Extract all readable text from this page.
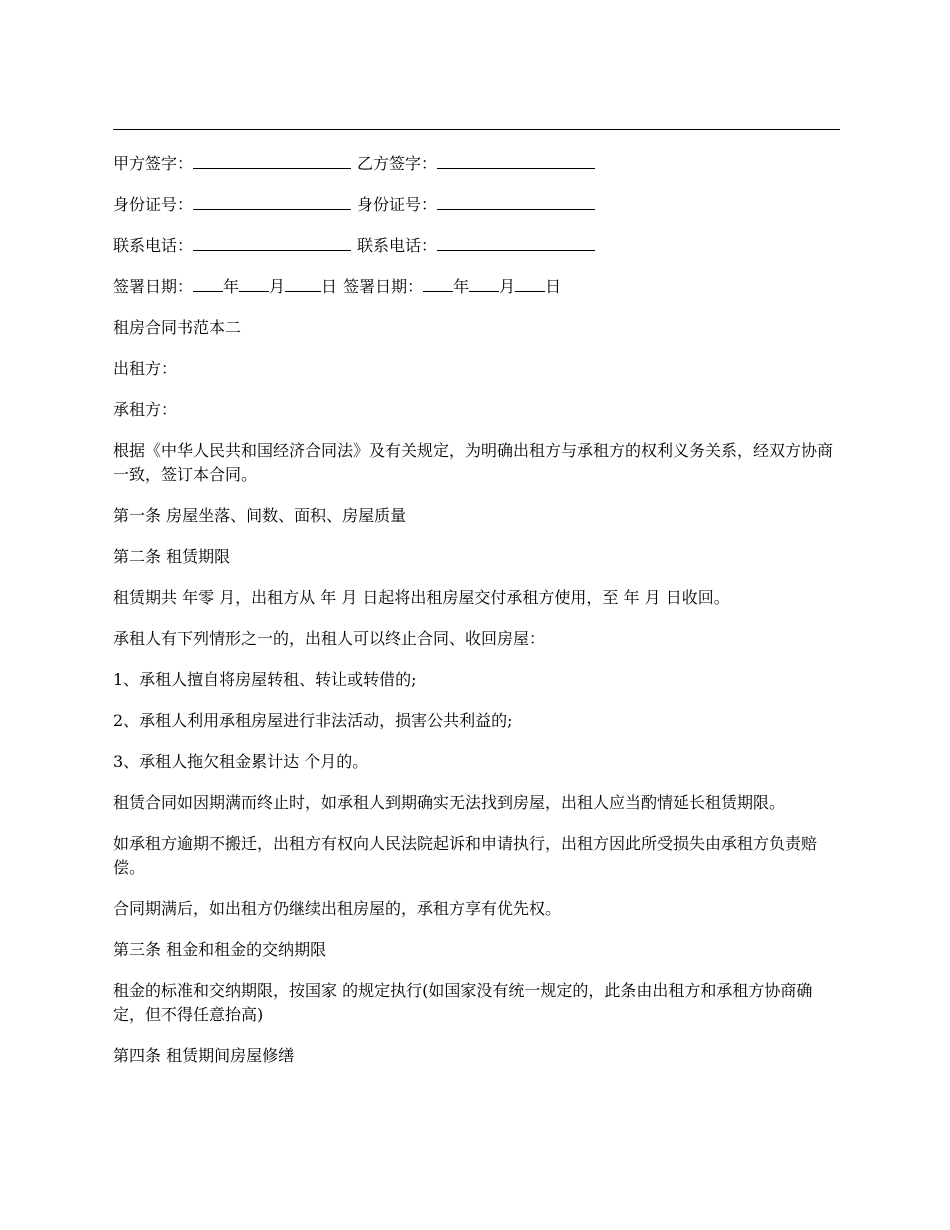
甲方签字：	乙方签字：
身份证号：	身份证号：
联系电话：	联系电话：
签署日期： 年 月 日 签署日期： 年 月 日

租房合同书范本二

出租方：

承租方：

根据《中华人民共和国经济合同法》及有关规定，为明确出租方与承租方的权利义务关系，经双方协商一致，签订本合同。

第一条 房屋坐落、间数、面积、房屋质量

第二条 租赁期限

租赁期共 年零 月，出租方从 年 月 日起将出租房屋交付承租方使用，至 年 月 日收回。

承租人有下列情形之一的，出租人可以终止合同、收回房屋：

1、承租人擅自将房屋转租、转让或转借的;

2、承租人利用承租房屋进行非法活动，损害公共利益的;

3、承租人拖欠租金累计达 个月的。

租赁合同如因期满而终止时，如承租人到期确实无法找到房屋，出租人应当酌情延长租赁期限。

如承租方逾期不搬迁，出租方有权向人民法院起诉和申请执行，出租方因此所受损失由承租方负责赔偿。

合同期满后，如出租方仍继续出租房屋的，承租方享有优先权。

第三条 租金和租金的交纳期限

租金的标准和交纳期限，按国家 的规定执行(如国家没有统一规定的，此条由出租方和承租方协商确定，但不得任意抬高)

第四条 租赁期间房屋修缮
